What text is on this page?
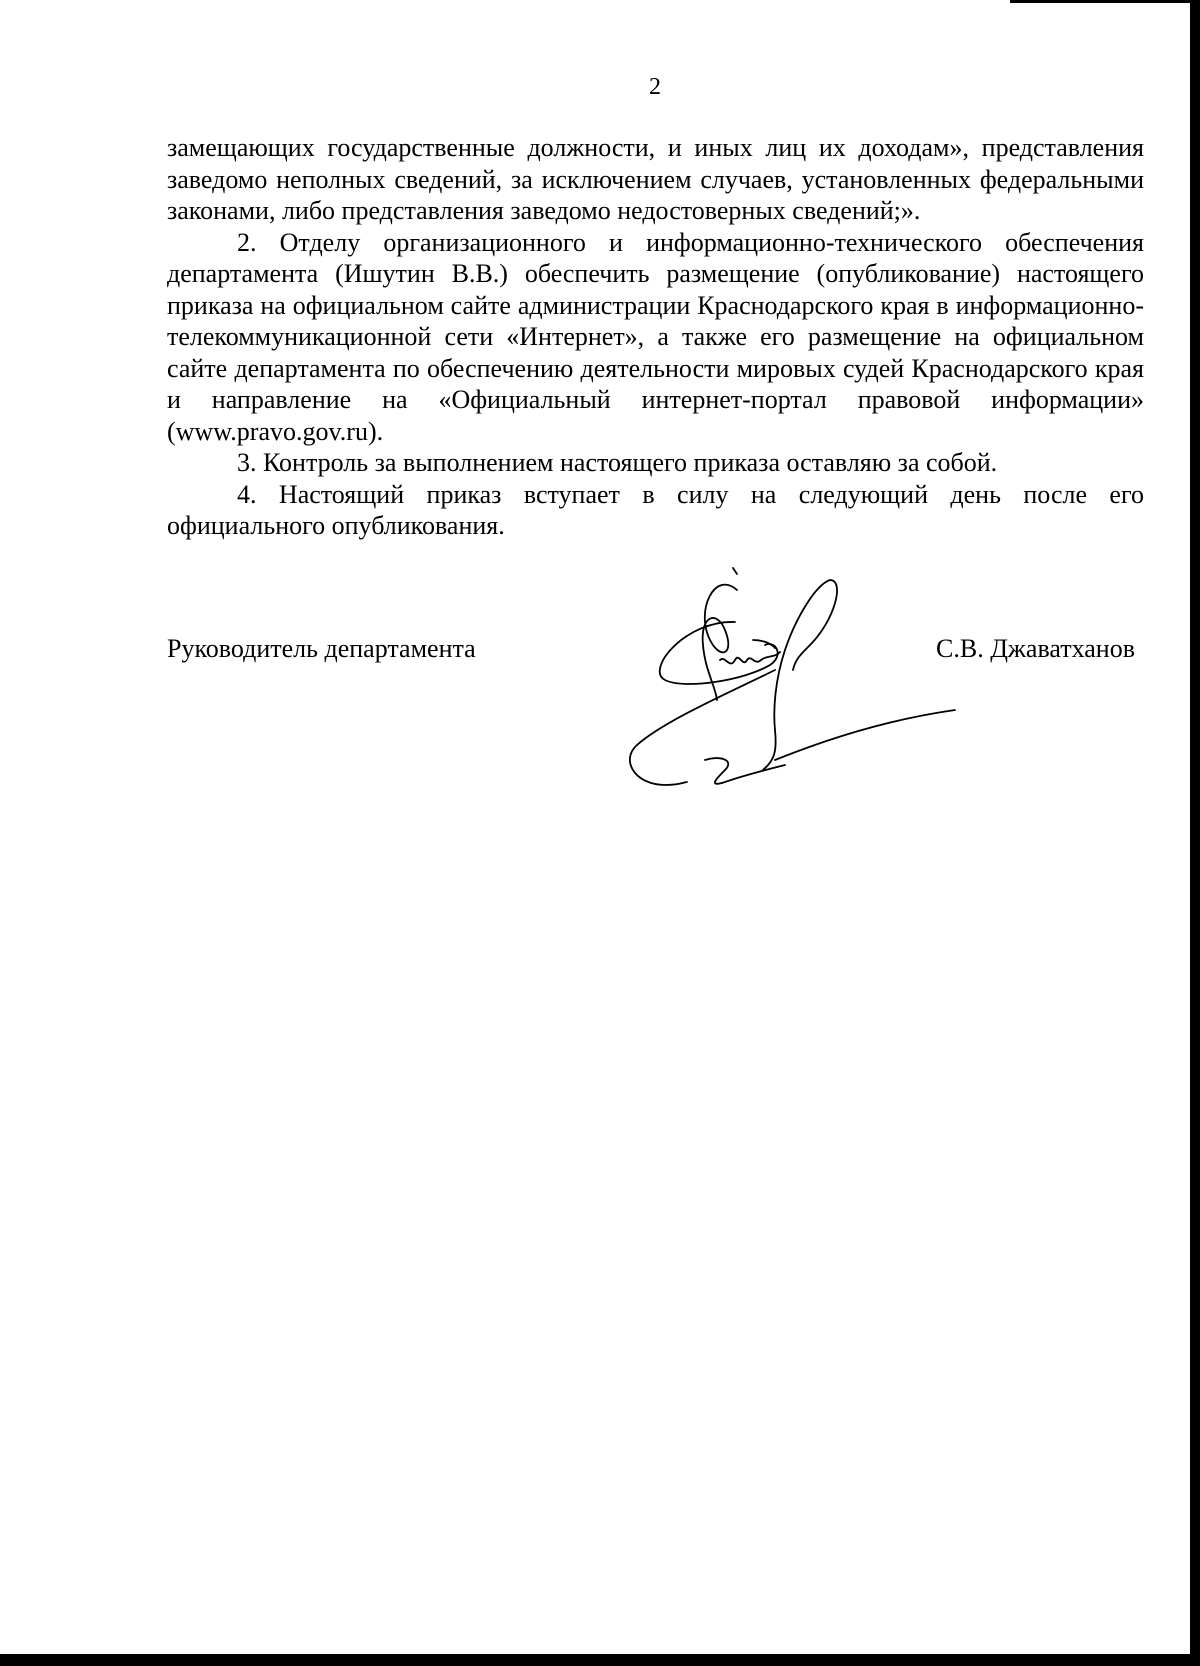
2

замещающих государственные должности, и иных лиц их доходам», представления заведомо неполных сведений, за исключением случаев, установленных федеральными законами, либо представления заведомо недостоверных сведений;».

2. Отделу организационного и информационно-технического обеспечения департамента (Ишутин В.В.) обеспечить размещение (опубликование) настоящего приказа на официальном сайте администрации Краснодарского края в информационно-телекоммуникационной сети «Интернет», а также его размещение на официальном сайте департамента по обеспечению деятельности мировых судей Краснодарского края и направление на «Официальный интернет-портал правовой информации» (www.pravo.gov.ru).

3. Контроль за выполнением настоящего приказа оставляю за собой.

4. Настоящий приказ вступает в силу на следующий день после его официального опубликования.

Руководитель департамента	С.В. Джаватханов
